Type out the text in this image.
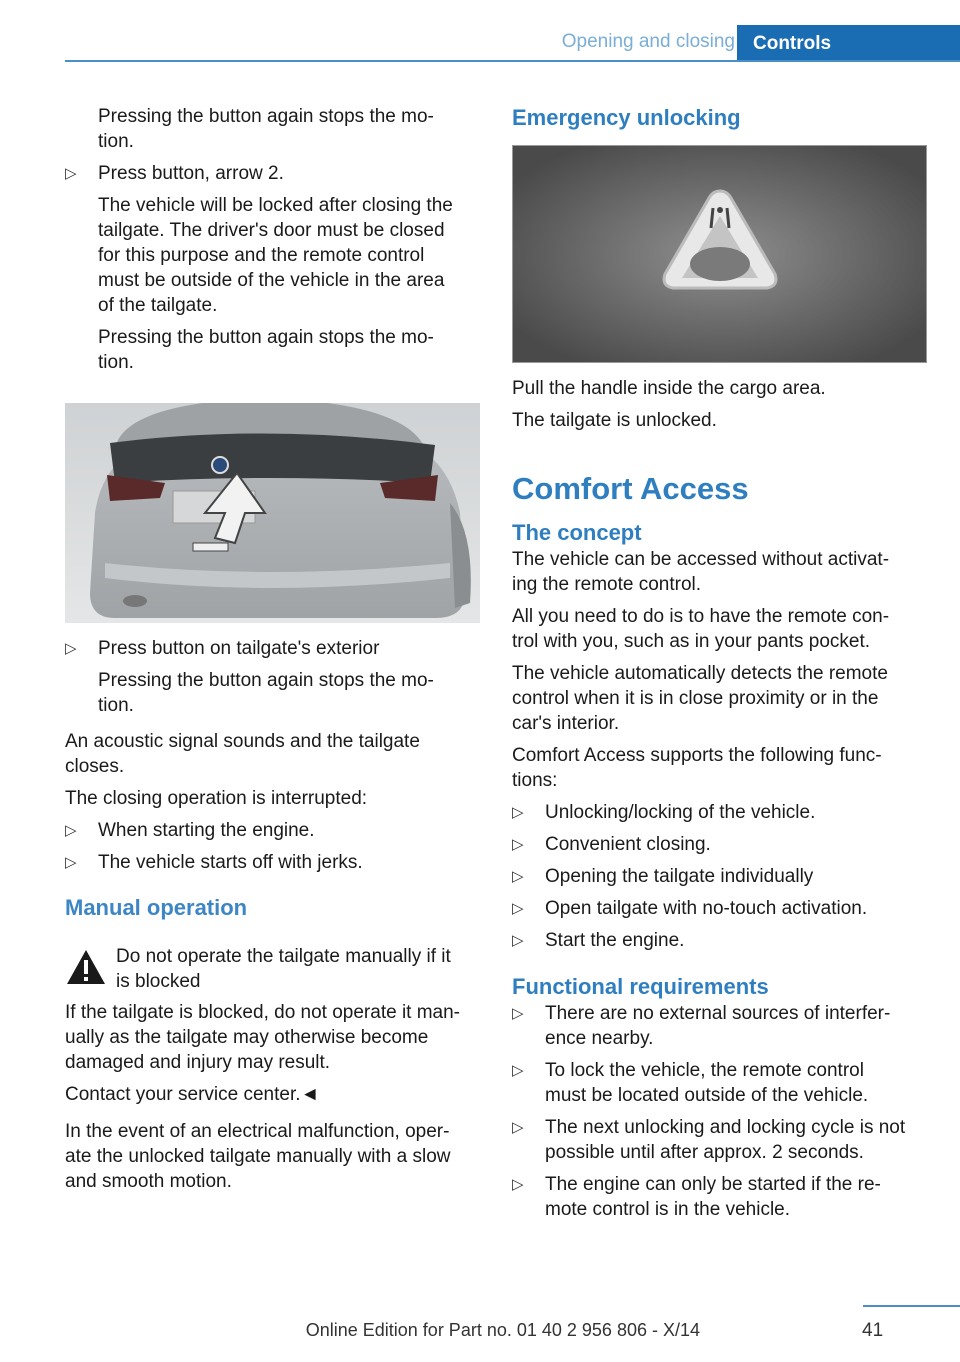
Opening and closing Controls

Pressing the button again stops the mo-
tion.

▷ Press button, arrow 2.

The vehicle will be locked after closing the
tailgate. The driver's door must be closed
for this purpose and the remote control
must be outside of the vehicle in the area
of the tailgate.

Pressing the button again stops the mo-
tion.

▷ Press button on tailgate's exterior

Pressing the button again stops the mo-
tion.

An acoustic signal sounds and the tailgate
closes.

The closing operation is interrupted:

▷ When starting the engine.
▷ The vehicle starts off with jerks.
Manual operation
Do not operate the tailgate manually if it
is blocked

If the tailgate is blocked, do not operate it man-
ually as the tailgate may otherwise become
damaged and injury may result.

Contact your service center.◄

In the event of an electrical malfunction, oper-
ate the unlocked tailgate manually with a slow
and smooth motion.

Emergency unlocking

Pull the handle inside the cargo area.

The tailgate is unlocked.

Comfort Access
The concept

The vehicle can be accessed without activat-
ing the remote control.

All you need to do is to have the remote con-
trol with you, such as in your pants pocket.

The vehicle automatically detects the remote
control when it is in close proximity or in the
car's interior.

Comfort Access supports the following func-
tions:

▷ Unlocking/locking of the vehicle.
▷ Convenient closing.
▷ Opening the tailgate individually
▷ Open tailgate with no-touch activation.
▷ Start the engine.
Functional requirements
▷ There are no external sources of interfer-
ence nearby.
▷ To lock the vehicle, the remote control
must be located outside of the vehicle.
▷ The next unlocking and locking cycle is not
possible until after approx. 2 seconds.
▷ The engine can only be started if the re-
mote control is in the vehicle.
Online Edition for Part no. 01 40 2 956 806 - X/14	41
